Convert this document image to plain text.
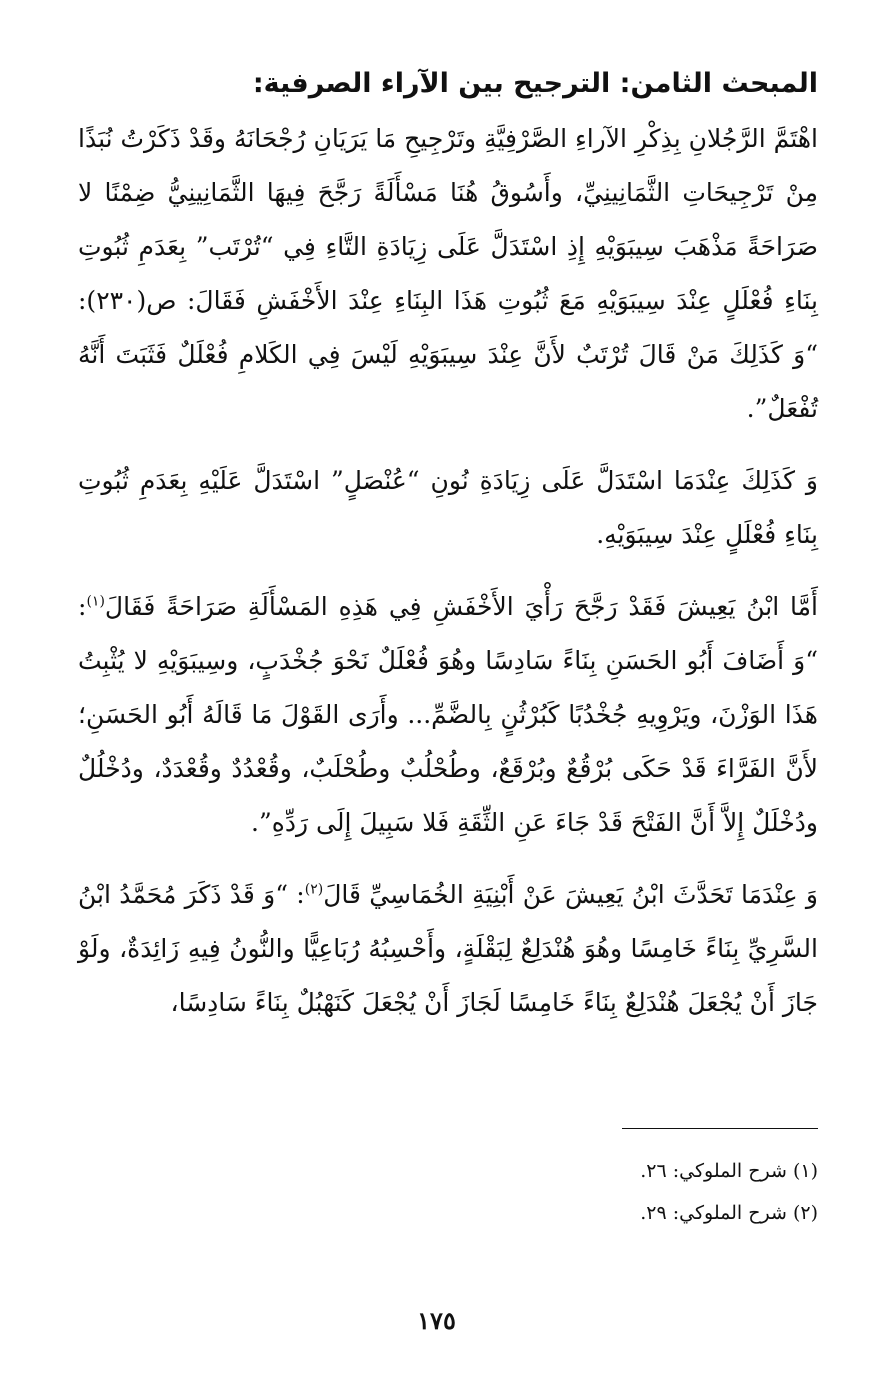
المبحث الثامن: الترجيح بين الآراء الصرفية:

اهْتَمَّ الرَّجُلانِ بِذِكْرِ الآراءِ الصَّرْفِيَّةِ وتَرْجِيحِ مَا يَرَيَانِ رُجْحَانَهُ وقَدْ ذَكَرْتُ نُبَذًا مِنْ تَرْجِيحَاتِ الثَّمَانِينِيِّ، وأَسُوقُ هُنَا مَسْأَلَةً رَجَّحَ فِيهَا الثَّمَانِينِيُّ ضِمْنًا لا صَرَاحَةً مَذْهَبَ سِيبَوَيْهِ إِذِ اسْتَدَلَّ عَلَى زِيَادَةِ التَّاءِ فِي “تُرْتَب” بِعَدَمِ ثُبُوتِ بِنَاءِ فُعْلَلٍ عِنْدَ سِيبَوَيْهِ مَعَ ثُبُوتِ هَذَا البِنَاءِ عِنْدَ الأَخْفَشِ فَقَالَ: ص(٢٣٠): “وَ كَذَلِكَ مَنْ قَالَ تُرْتَبٌ لأَنَّ عِنْدَ سِيبَوَيْهِ لَيْسَ فِي الكَلامِ فُعْلَلٌ فَثَبَتَ أَنَّهُ تُفْعَلٌ”.

وَ كَذَلِكَ عِنْدَمَا اسْتَدَلَّ عَلَى زِيَادَةِ نُونِ “عُنْصَلٍ” اسْتَدَلَّ عَلَيْهِ بِعَدَمِ ثُبُوتِ بِنَاءِ فُعْلَلٍ عِنْدَ سِيبَوَيْهِ.

أَمَّا ابْنُ يَعِيشَ فَقَدْ رَجَّحَ رَأْيَ الأَخْفَشِ فِي هَذِهِ المَسْأَلَةِ صَرَاحَةً فَقَالَ$^{(١)}$: “وَ أَضَافَ أَبُو الحَسَنِ بِنَاءً سَادِسًا وهُوَ فُعْلَلٌ نَحْوَ جُخْدَبٍ، وسِيبَوَيْهِ لا يُثْبِتُ هَذَا الوَزْنَ، ويَرْوِيهِ جُخْدُبًا كَبُرْثُنٍ بِالضَّمِّ... وأَرَى القَوْلَ مَا قَالَهُ أَبُو الحَسَنِ؛ لأَنَّ الفَرَّاءَ قَدْ حَكَى بُرْقُعٌ وبُرْقَعٌ، وطُحْلُبٌ وطُحْلَبٌ، وقُعْدُدٌ وقُعْدَدٌ، ودُخْلُلٌ ودُخْلَلٌ إِلاَّ أَنَّ الفَتْحَ قَدْ جَاءَ عَنِ الثِّقَةِ فَلا سَبِيلَ إِلَى رَدِّهِ”.

وَ عِنْدَمَا تَحَدَّثَ ابْنُ يَعِيشَ عَنْ أَبْنِيَةِ الخُمَاسِيِّ قَالَ$^{(٢)}$: “وَ قَدْ ذَكَرَ مُحَمَّدُ ابْنُ السَّرِيِّ بِنَاءً خَامِسًا وهُوَ هُنْدَلِعٌ لِبَقْلَةٍ، وأَحْسِبُهُ رُبَاعِيًّا والنُّونُ فِيهِ زَائِدَةٌ، ولَوْ جَازَ أَنْ يُجْعَلَ هُنْدَلِعٌ بِنَاءً خَامِسًا لَجَازَ أَنْ يُجْعَلَ كَنَهْبُلٌ بِنَاءً سَادِسًا،

(١) شرح الملوكي: ٢٦.
(٢) شرح الملوكي: ٢٩.
١٧٥
